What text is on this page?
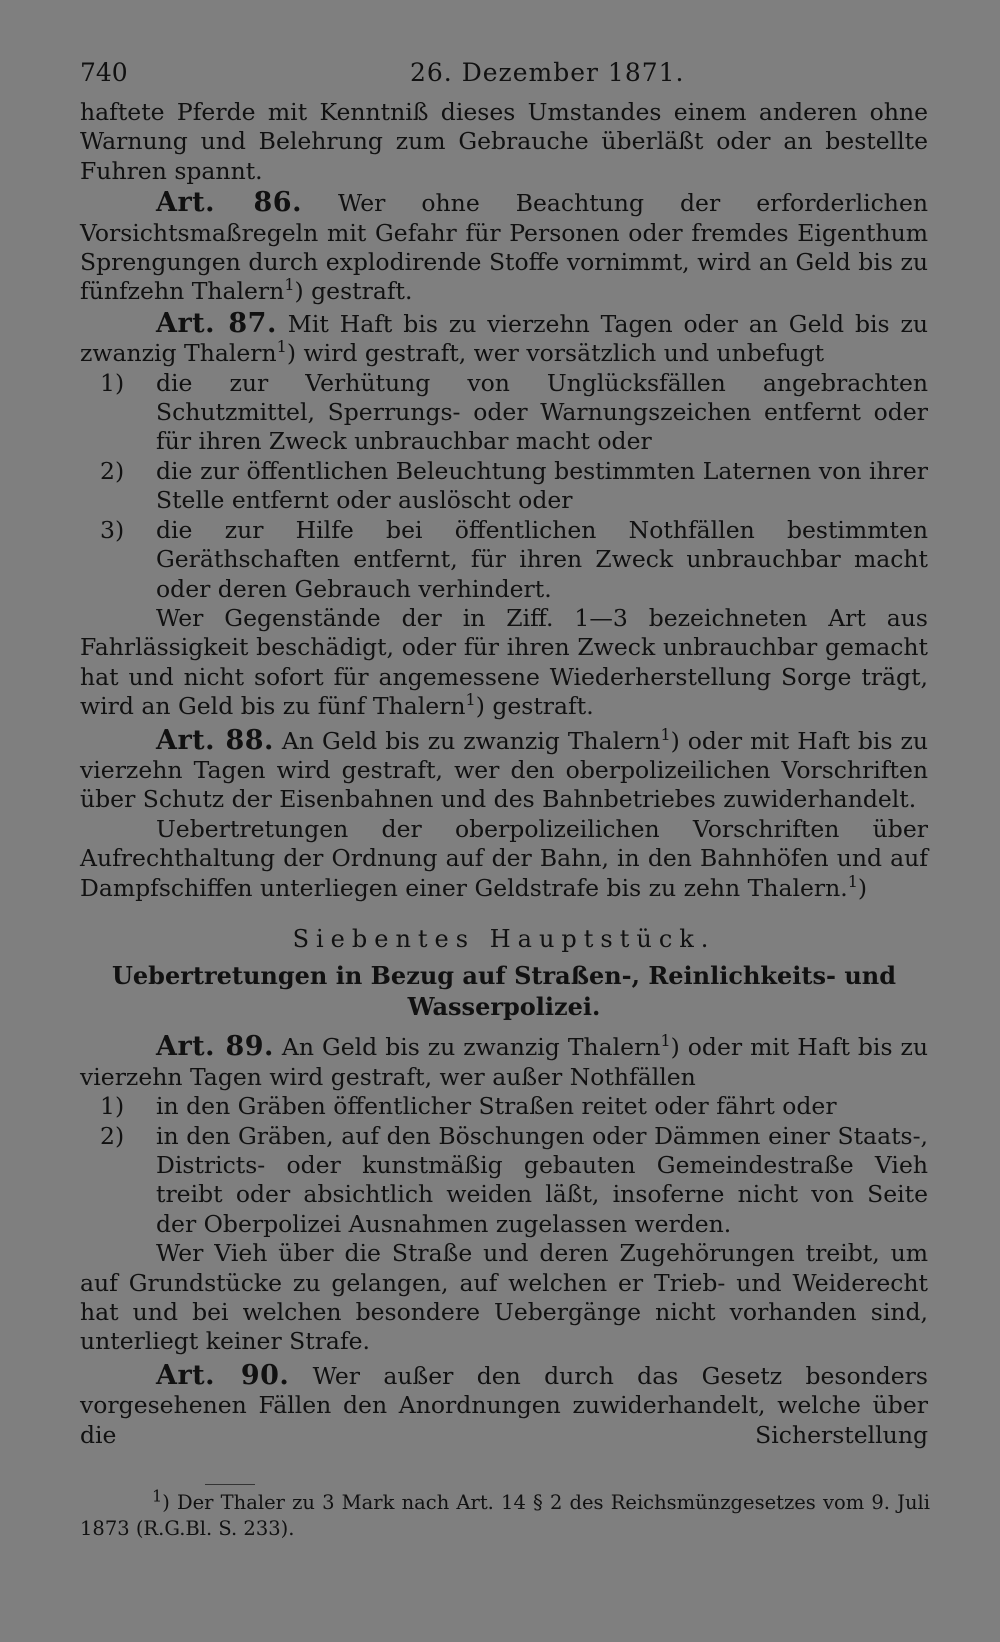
740	26. Dezember 1871.

haftete Pferde mit Kenntniß dieses Umstandes einem anderen ohne Warnung und Belehrung zum Gebrauche überläßt oder an bestellte Fuhren spannt.

Art. 86. Wer ohne Beachtung der erforderlichen Vorsichtsmaßregeln mit Gefahr für Personen oder fremdes Eigenthum Sprengungen durch explodirende Stoffe vornimmt, wird an Geld bis zu fünfzehn Thalern$^1$) gestraft.

Art. 87. Mit Haft bis zu vierzehn Tagen oder an Geld bis zu zwanzig Thalern$^1$) wird gestraft, wer vorsätzlich und unbefugt

1)	die zur Verhütung von Unglücksfällen angebrachten Schutzmittel, Sperrungs- oder Warnungszeichen entfernt oder für ihren Zweck unbrauchbar macht oder
2)	die zur öffentlichen Beleuchtung bestimmten Laternen von ihrer Stelle entfernt oder auslöscht oder
3)	die zur Hilfe bei öffentlichen Nothfällen bestimmten Geräthschaften entfernt, für ihren Zweck unbrauchbar macht oder deren Gebrauch verhindert.

Wer Gegenstände der in Ziff. 1—3 bezeichneten Art aus Fahrlässigkeit beschädigt, oder für ihren Zweck unbrauchbar gemacht hat und nicht sofort für angemessene Wiederherstellung Sorge trägt, wird an Geld bis zu fünf Thalern$^1$) gestraft.

Art. 88. An Geld bis zu zwanzig Thalern$^1$) oder mit Haft bis zu vierzehn Tagen wird gestraft, wer den oberpolizeilichen Vorschriften über Schutz der Eisenbahnen und des Bahnbetriebes zuwiderhandelt.

Uebertretungen der oberpolizeilichen Vorschriften über Aufrechthaltung der Ordnung auf der Bahn, in den Bahnhöfen und auf Dampfschiffen unterliegen einer Geldstrafe bis zu zehn Thalern.$^1$)

Siebentes Hauptstück.
Uebertretungen in Bezug auf Straßen-, Reinlichkeits- und
Wasserpolizei.

Art. 89. An Geld bis zu zwanzig Thalern$^1$) oder mit Haft bis zu vierzehn Tagen wird gestraft, wer außer Nothfällen

1)	in den Gräben öffentlicher Straßen reitet oder fährt oder
2)	in den Gräben, auf den Böschungen oder Dämmen einer Staats-, Districts- oder kunstmäßig gebauten Gemeindestraße Vieh treibt oder absichtlich weiden läßt, insoferne nicht von Seite der Oberpolizei Ausnahmen zugelassen werden.

Wer Vieh über die Straße und deren Zugehörungen treibt, um auf Grundstücke zu gelangen, auf welchen er Trieb- und Weiderecht hat und bei welchen besondere Uebergänge nicht vorhanden sind, unterliegt keiner Strafe.

Art. 90. Wer außer den durch das Gesetz besonders vorgesehenen Fällen den Anordnungen zuwiderhandelt, welche über die Sicherstellung

$^1$) Der Thaler zu 3 Mark nach Art. 14 § 2 des Reichsmünzgesetzes vom 9. Juli 1873 (R.G.Bl. S. 233).
